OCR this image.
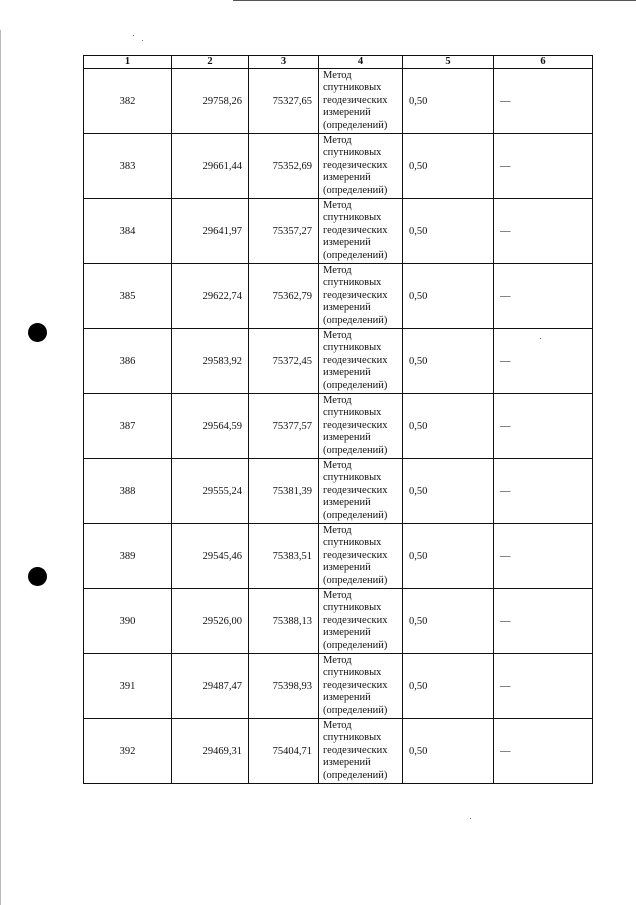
1	2	3	4	5	6
382	29758,26	75327,65	Метод
спутниковых
геодезических
измерений
(определений)	0,50	—
383	29661,44	75352,69	Метод
спутниковых
геодезических
измерений
(определений)	0,50	—
384	29641,97	75357,27	Метод
спутниковых
геодезических
измерений
(определений)	0,50	—
385	29622,74	75362,79	Метод
спутниковых
геодезических
измерений
(определений)	0,50	—
386	29583,92	75372,45	Метод
спутниковых
геодезических
измерений
(определений)	0,50	—
387	29564,59	75377,57	Метод
спутниковых
геодезических
измерений
(определений)	0,50	—
388	29555,24	75381,39	Метод
спутниковых
геодезических
измерений
(определений)	0,50	—
389	29545,46	75383,51	Метод
спутниковых
геодезических
измерений
(определений)	0,50	—
390	29526,00	75388,13	Метод
спутниковых
геодезических
измерений
(определений)	0,50	—
391	29487,47	75398,93	Метод
спутниковых
геодезических
измерений
(определений)	0,50	—
392	29469,31	75404,71	Метод
спутниковых
геодезических
измерений
(определений)	0,50	—
